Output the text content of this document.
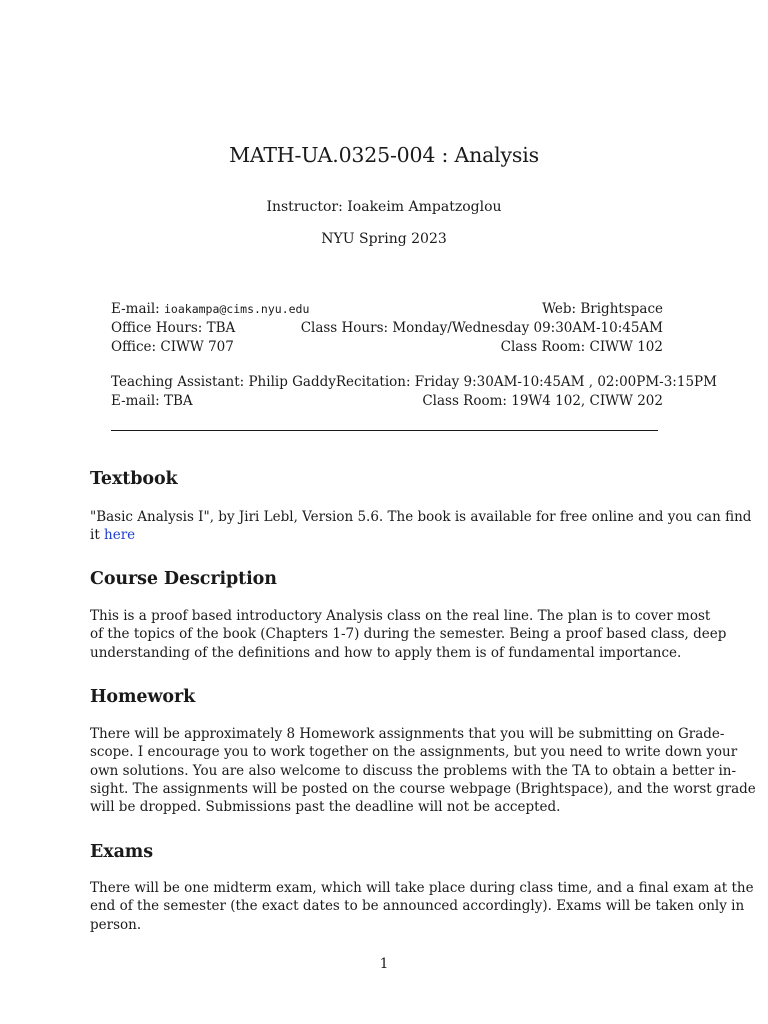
MATH-UA.0325-004 : Analysis
Instructor: Ioakeim Ampatzoglou
NYU Spring 2023
E-mail: ioakampa@cims.nyu.edu	Web: Brightspace
Office Hours: TBA	Class Hours: Monday/Wednesday 09:30AM-10:45AM
Office: CIWW 707	Class Room: CIWW 102
Teaching Assistant: Philip Gaddy Recitation: Friday 9:30AM-10:45AM , 02:00PM-3:15PM
E-mail: TBA	Class Room: 19W4 102, CIWW 202
Textbook
"Basic Analysis I", by Jiri Lebl, Version 5.6. The book is available for free online and you can find
it here
Course Description
This is a proof based introductory Analysis class on the real line. The plan is to cover most
of the topics of the book (Chapters 1-7) during the semester. Being a proof based class, deep
understanding of the definitions and how to apply them is of fundamental importance.
Homework
There will be approximately 8 Homework assignments that you will be submitting on Grade-
scope. I encourage you to work together on the assignments, but you need to write down your
own solutions. You are also welcome to discuss the problems with the TA to obtain a better in-
sight. The assignments will be posted on the course webpage (Brightspace), and the worst grade
will be dropped. Submissions past the deadline will not be accepted.
Exams
There will be one midterm exam, which will take place during class time, and a final exam at the
end of the semester (the exact dates to be announced accordingly). Exams will be taken only in
person.
1
